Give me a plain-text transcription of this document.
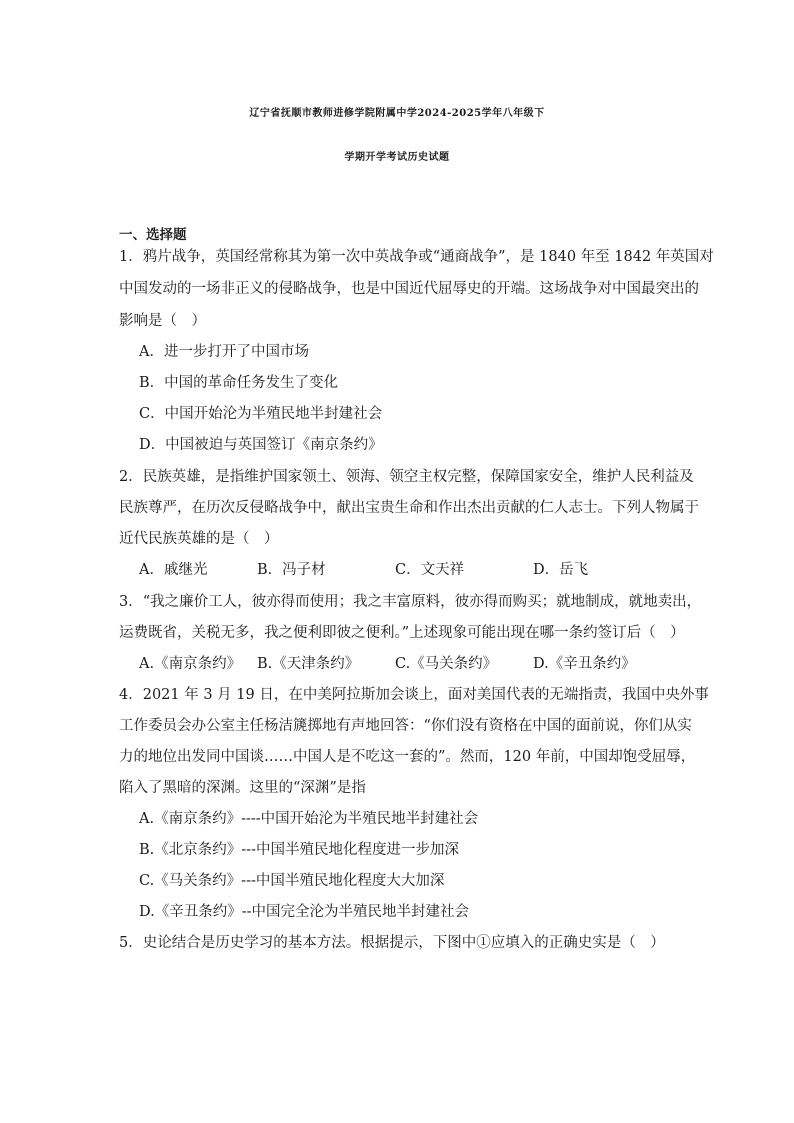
辽宁省抚顺市教师进修学院附属中学2024-2025学年八年级下
学期开学考试历史试题
一、选择题
1．鸦片战争，英国经常称其为第一次中英战争或“通商战争”，是 1840 年至 1842 年英国对
中国发动的一场非正义的侵略战争，也是中国近代屈辱史的开端。这场战争对中国最突出的
影响是（　）
A．进一步打开了中国市场
B．中国的革命任务发生了变化
C．中国开始沦为半殖民地半封建社会
D．中国被迫与英国签订《南京条约》
2．民族英雄，是指维护国家领土、领海、领空主权完整，保障国家安全，维护人民利益及
民族尊严，在历次反侵略战争中，献出宝贵生命和作出杰出贡献的仁人志士。下列人物属于
近代民族英雄的是（　）
A．戚继光	B．冯子材	C．文天祥	D．岳飞
3．“我之廉价工人，彼亦得而使用；我之丰富原料，彼亦得而购买；就地制成，就地卖出，
运费既省，关税无多，我之便利即彼之便利。”上述现象可能出现在哪一条约签订后（　）
A.《南京条约》 B.《天津条约》 C.《马关条约》 D.《辛丑条约》
4．2021 年 3 月 19 日，在中美阿拉斯加会谈上，面对美国代表的无端指责，我国中央外事
工作委员会办公室主任杨洁篪掷地有声地回答：“你们没有资格在中国的面前说，你们从实
力的地位出发同中国谈……中国人是不吃这一套的”。然而，120 年前，中国却饱受屈辱，
陷入了黑暗的深渊。这里的“深渊”是指
A.《南京条约》----中国开始沦为半殖民地半封建社会
B.《北京条约》---中国半殖民地化程度进一步加深
C.《马关条约》---中国半殖民地化程度大大加深
D.《辛丑条约》--中国完全沦为半殖民地半封建社会
5．史论结合是历史学习的基本方法。根据提示，下图中①应填入的正确史实是（　）
